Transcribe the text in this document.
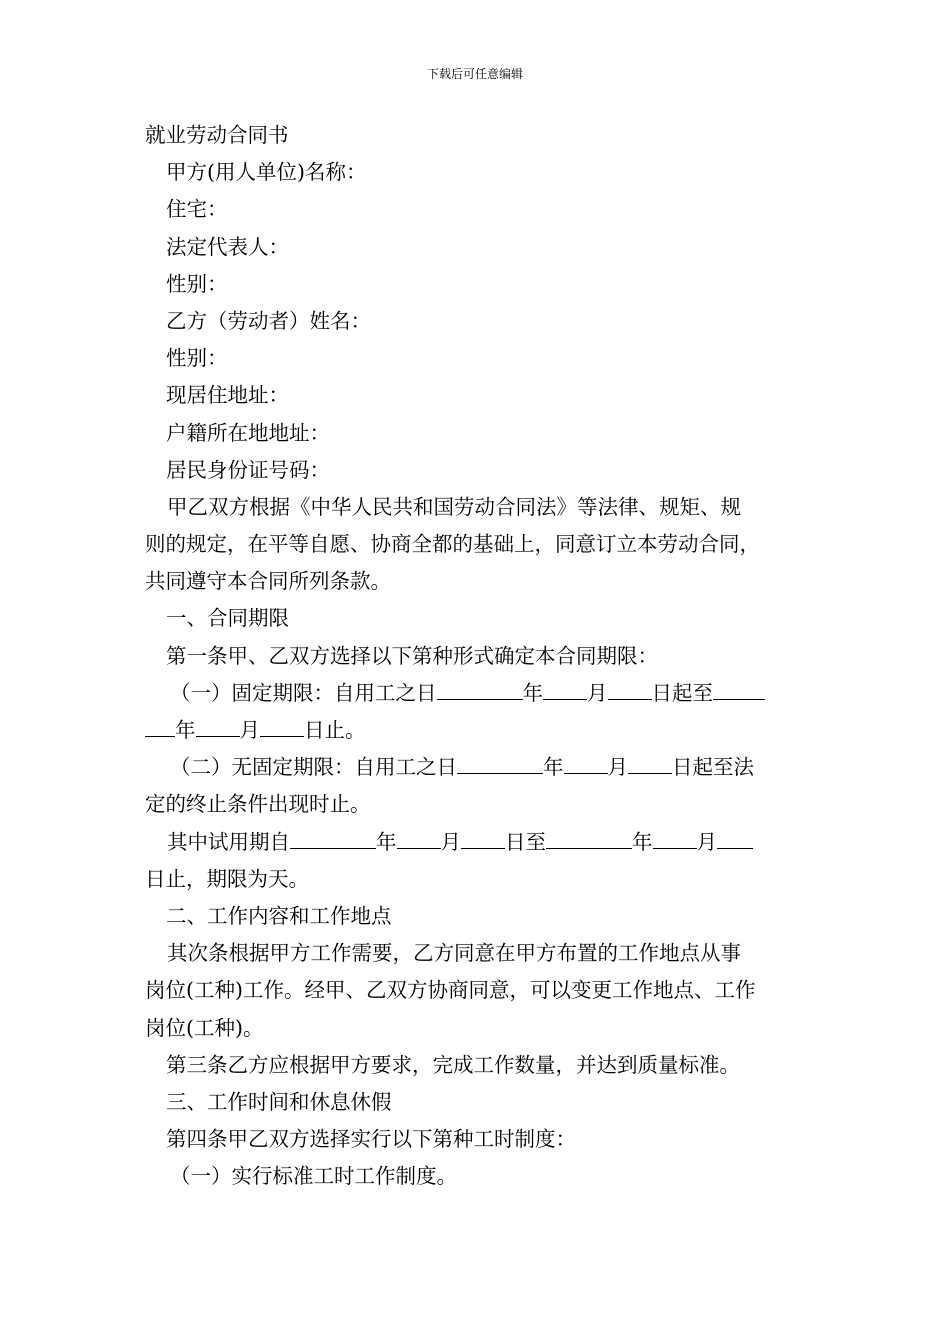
下载后可任意编辑
就业劳动合同书
甲方(用人单位)名称：
住宅：
法定代表人：
性别：
乙方（劳动者）姓名：
性别：
现居住地址：
户籍所在地地址：
居民身份证号码：
甲乙双方根据《中华人民共和国劳动合同法》等法律、规矩、规
则的规定，在平等自愿、协商全都的基础上，同意订立本劳动合同，
共同遵守本合同所列条款。
一、合同期限
第一条甲、乙双方选择以下第种形式确定本合同期限：
（一）固定期限：自用工之日	年 月 日起至
年 月 日止。
（二）无固定期限：自用工之日	年 月 日起至法
定的终止条件出现时止。
其中试用期自	年 月 日至	年 月
日止，期限为天。
二、工作内容和工作地点
其次条根据甲方工作需要，乙方同意在甲方布置的工作地点从事
岗位(工种)工作。经甲、乙双方协商同意，可以变更工作地点、工作
岗位(工种)。
第三条乙方应根据甲方要求，完成工作数量，并达到质量标准。
三、工作时间和休息休假
第四条甲乙双方选择实行以下第种工时制度：
（一）实行标准工时工作制度。
